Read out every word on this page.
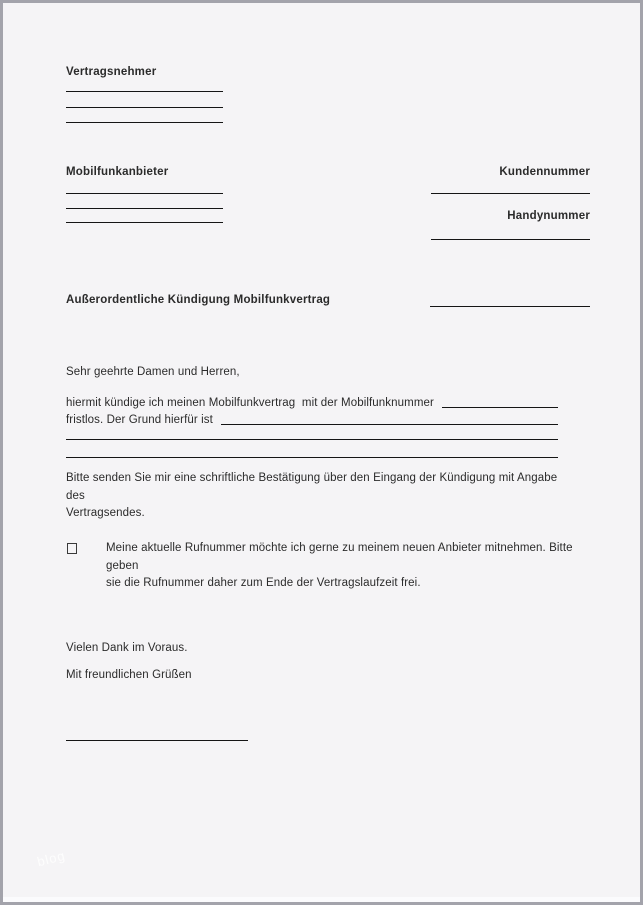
Vertragsnehmer
Mobilfunkanbieter	Kundennummer
Handynummer
Außerordentliche Kündigung Mobilfunkvertrag
Sehr geehrte Damen und Herren,
hiermit kündige ich meinen Mobilfunkvertrag  mit der Mobilfunknummer
fristlos. Der Grund hierfür ist
Bitte senden Sie mir eine schriftliche Bestätigung über den Eingang der Kündigung mit Angabe des
Vertragsendes.
Meine aktuelle Rufnummer möchte ich gerne zu meinem neuen Anbieter mitnehmen. Bitte geben
sie die Rufnummer daher zum Ende der Vertragslaufzeit frei.
Vielen Dank im Voraus.
Mit freundlichen Grüßen
blog
